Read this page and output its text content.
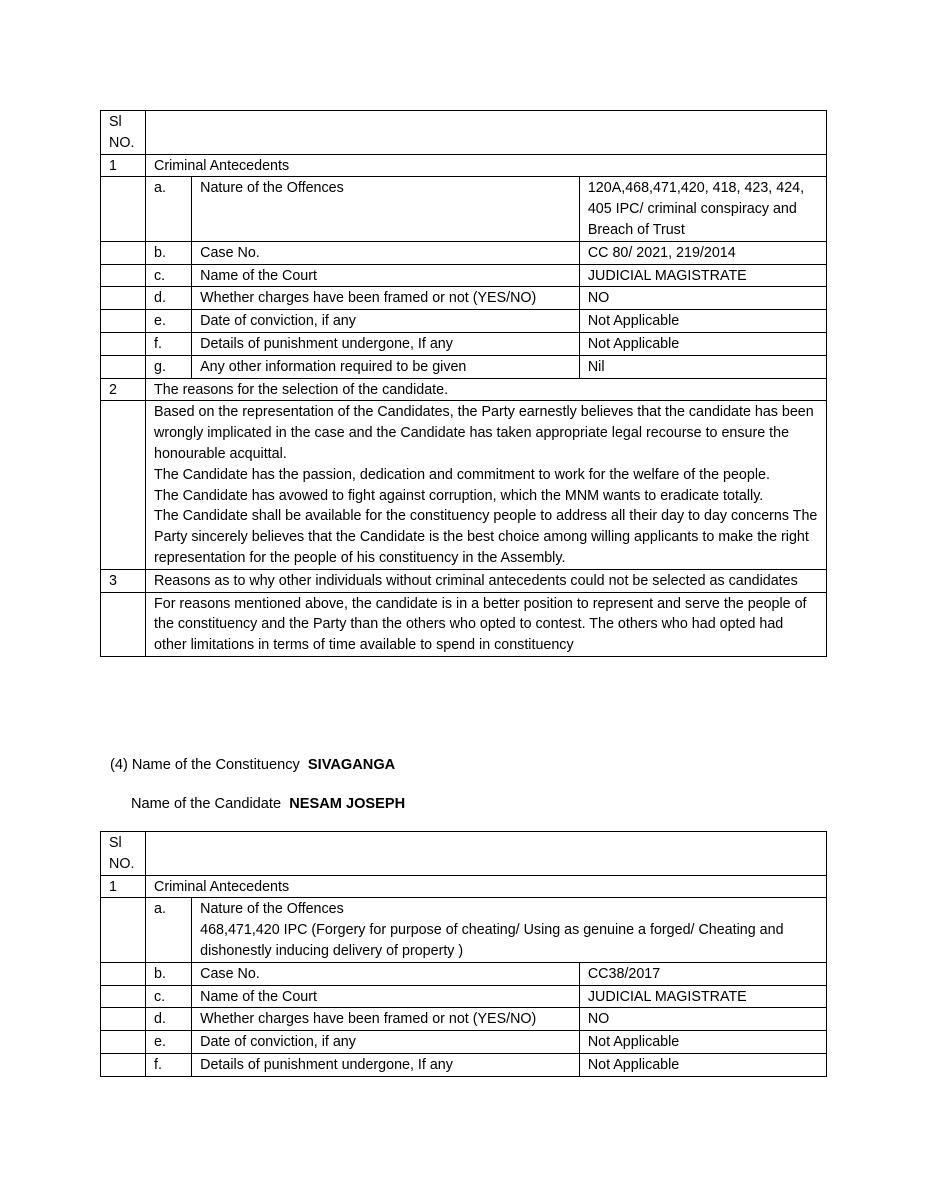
Sl NO.			
1	Criminal Antecedents		
	a.	Nature of the Offences	120A,468,471,420, 418, 423, 424, 405 IPC/ criminal conspiracy and Breach of Trust
	b.	Case No.	CC 80/ 2021, 219/2014
	c.	Name of the Court	JUDICIAL MAGISTRATE
	d.	Whether charges have been framed or not (YES/NO)	NO
	e.	Date of conviction, if any	Not Applicable
	f.	Details of punishment undergone, If any	Not Applicable
	g.	Any other information required to be given	Nil
2	The reasons for the selection of the candidate.		

	Based on the representation of the Candidates, the Party earnestly believes that the candidate has been wrongly implicated in the case and the Candidate has taken appropriate legal recourse to ensure the honourable acquittal.
The Candidate has the passion, dedication and commitment to work for the welfare of the people.
The Candidate has avowed to fight against corruption, which the MNM wants to eradicate totally.
The Candidate shall be available for the constituency people to address all their day to day concerns The Party sincerely believes that the Candidate is the best choice among willing applicants to make the right representation for the people of his constituency in the Assembly.		

3	Reasons as to why other individuals without criminal antecedents could not be selected as candidates		
	For reasons mentioned above, the candidate is in a better position to represent and serve the people of the constituency and the Party than the others who opted to contest. The others who had opted had other limitations in terms of time available to spend in constituency		
(4) Name of the Constituency SIVAGANGA
Name of the Candidate NESAM JOSEPH
Sl NO.			
1	Criminal Antecedents		
	a.	Nature of the Offences
468,471,420 IPC (Forgery for purpose of cheating/ Using as genuine a forged/ Cheating and dishonestly inducing delivery of property )	

	b.	Case No.	CC38/2017
	c.	Name of the Court	JUDICIAL MAGISTRATE
	d.	Whether charges have been framed or not (YES/NO)	NO
	e.	Date of conviction, if any	Not Applicable
	f.	Details of punishment undergone, If any	Not Applicable
